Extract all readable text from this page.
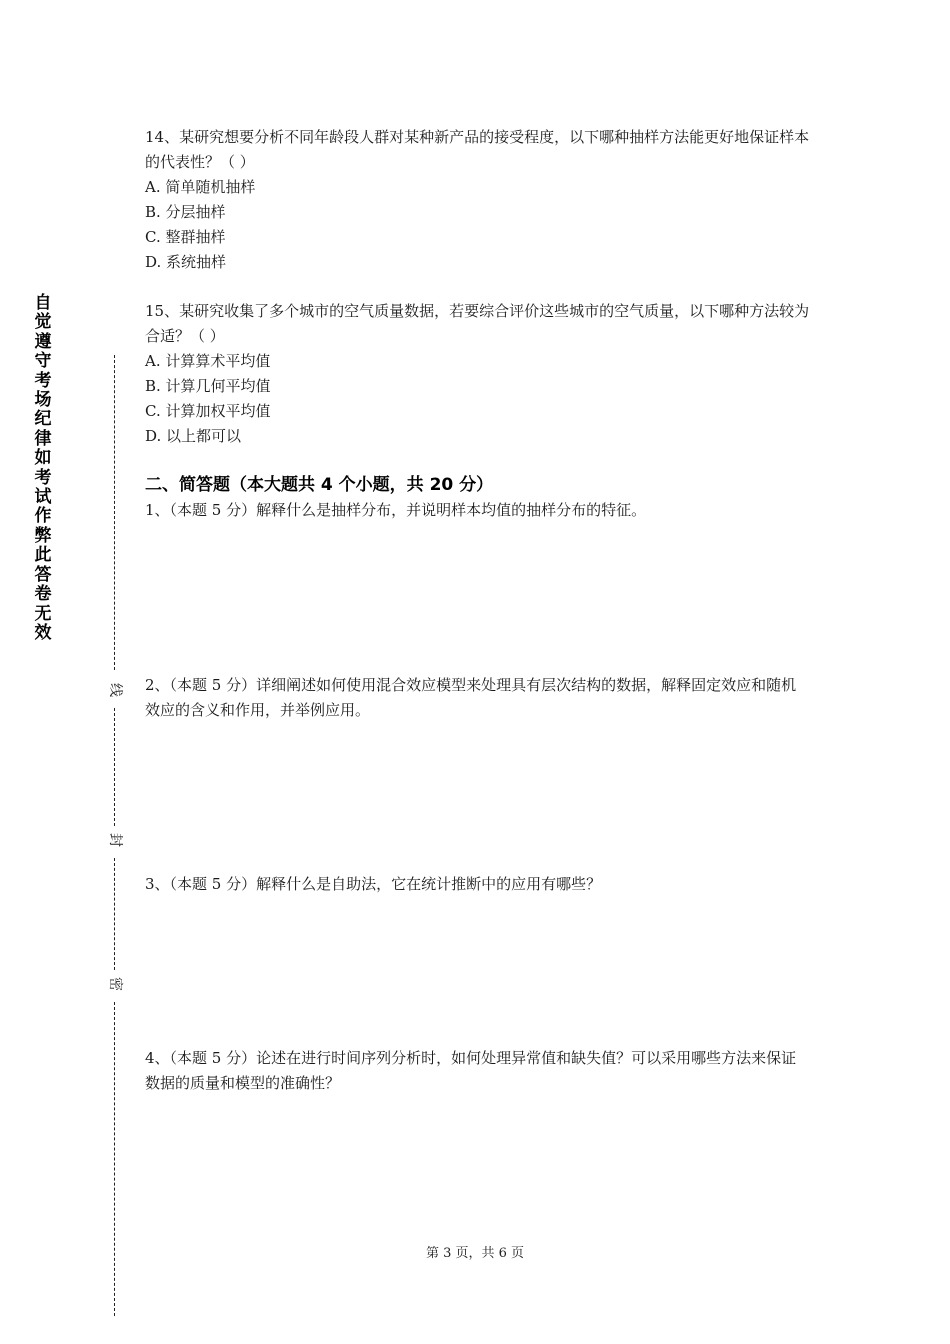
自觉遵守考场纪律如考试作弊此答卷无效
线
封
密

14、某研究想要分析不同年龄段人群对某种新产品的接受程度，以下哪种抽样方法能更好地保证样本的代表性？（ ）

A. 简单随机抽样

B. 分层抽样

C. 整群抽样

D. 系统抽样

15、某研究收集了多个城市的空气质量数据，若要综合评价这些城市的空气质量，以下哪种方法较为合适？（ ）

A. 计算算术平均值

B. 计算几何平均值

C. 计算加权平均值

D. 以上都可以

二、简答题（本大题共 4 个小题，共 20 分）

1、（本题 5 分）解释什么是抽样分布，并说明样本均值的抽样分布的特征。

2、（本题 5 分）详细阐述如何使用混合效应模型来处理具有层次结构的数据，解释固定效应和随机效应的含义和作用，并举例应用。

3、（本题 5 分）解释什么是自助法，它在统计推断中的应用有哪些？

4、（本题 5 分）论述在进行时间序列分析时，如何处理异常值和缺失值？可以采用哪些方法来保证数据的质量和模型的准确性？

第 3 页，共 6 页
